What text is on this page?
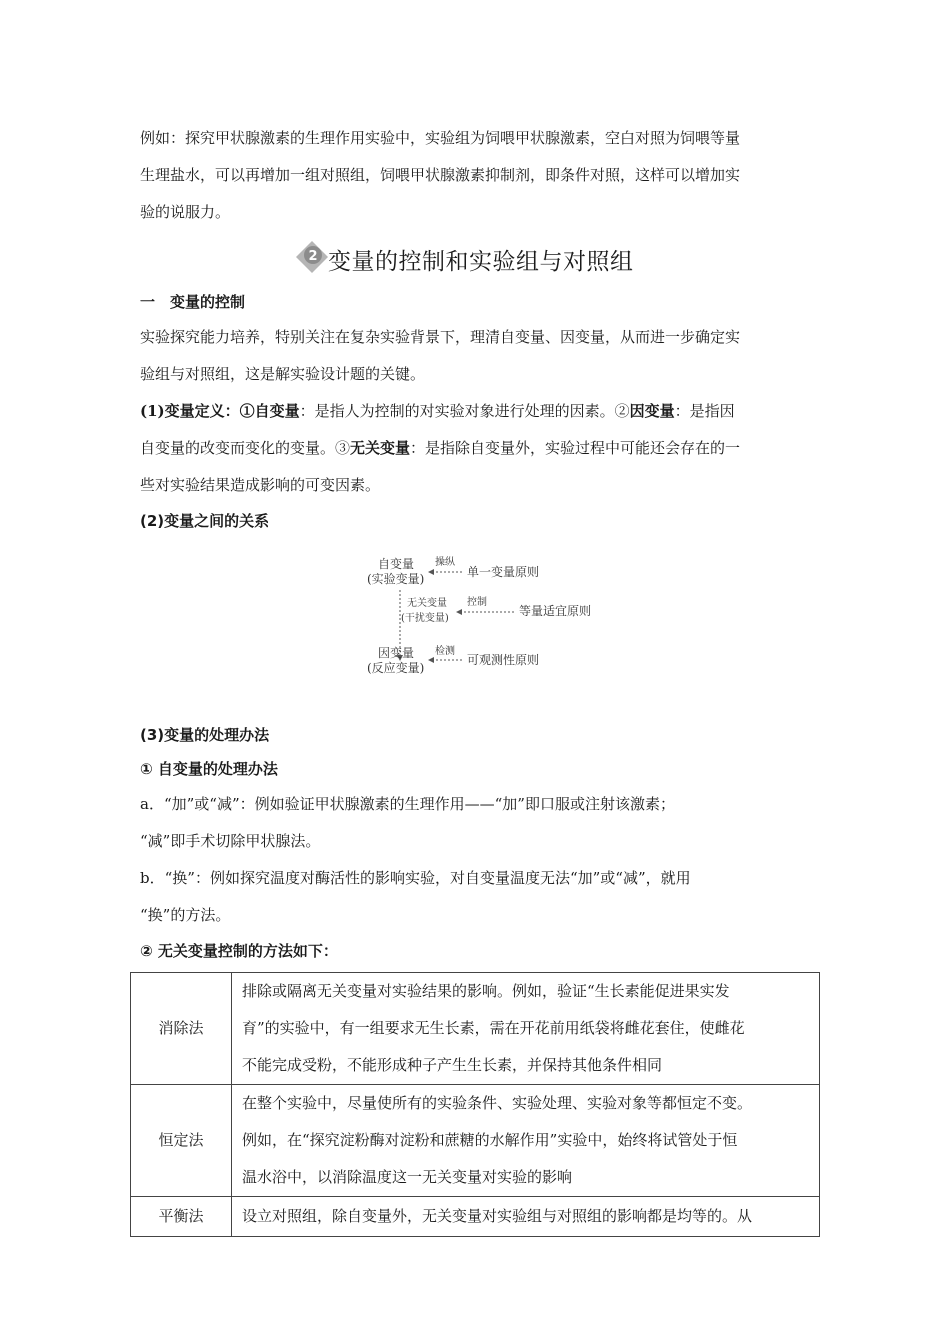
例如：探究甲状腺激素的生理作用实验中，实验组为饲喂甲状腺激素，空白对照为饲喂等量
生理盐水，可以再增加一组对照组，饲喂甲状腺激素抑制剂，即条件对照，这样可以增加实
验的说服力。

2 变量的控制和实验组与对照组
一　变量的控制

实验探究能力培养，特别关注在复杂实验背景下，理清自变量、因变量，从而进一步确定实
验组与对照组，这是解实验设计题的关键。

(1)变量定义：①自变量：是指人为控制的对实验对象进行处理的因素。②因变量：是指因
自变量的改变而变化的变量。③无关变量：是指除自变量外，实验过程中可能还会存在的一
些对实验结果造成影响的可变因素。

(2)变量之间的关系
自变量
(实验变量)
操纵
单一变量原则
无关变量
(干扰变量)
控制
等量适宜原则
因变量
(反应变量)
检测
可观测性原则
(3)变量的处理办法
① 自变量的处理办法

a．“加”或“减”：例如验证甲状腺激素的生理作用——“加”即口服或注射该激素；
“减”即手术切除甲状腺法。

b．“换”：例如探究温度对酶活性的影响实验，对自变量温度无法“加”或“减”，就用
“换”的方法。

② 无关变量控制的方法如下：
消除法	排除或隔离无关变量对实验结果的影响。例如，验证“生长素能促进果实发
育”的实验中，有一组要求无生长素，需在开花前用纸袋将雌花套住，使雌花
不能完成受粉，不能形成种子产生生长素，并保持其他条件相同
恒定法	在整个实验中，尽量使所有的实验条件、实验处理、实验对象等都恒定不变。
例如，在“探究淀粉酶对淀粉和蔗糖的水解作用”实验中，始终将试管处于恒
温水浴中，以消除温度这一无关变量对实验的影响
平衡法	设立对照组，除自变量外，无关变量对实验组与对照组的影响都是均等的。从
